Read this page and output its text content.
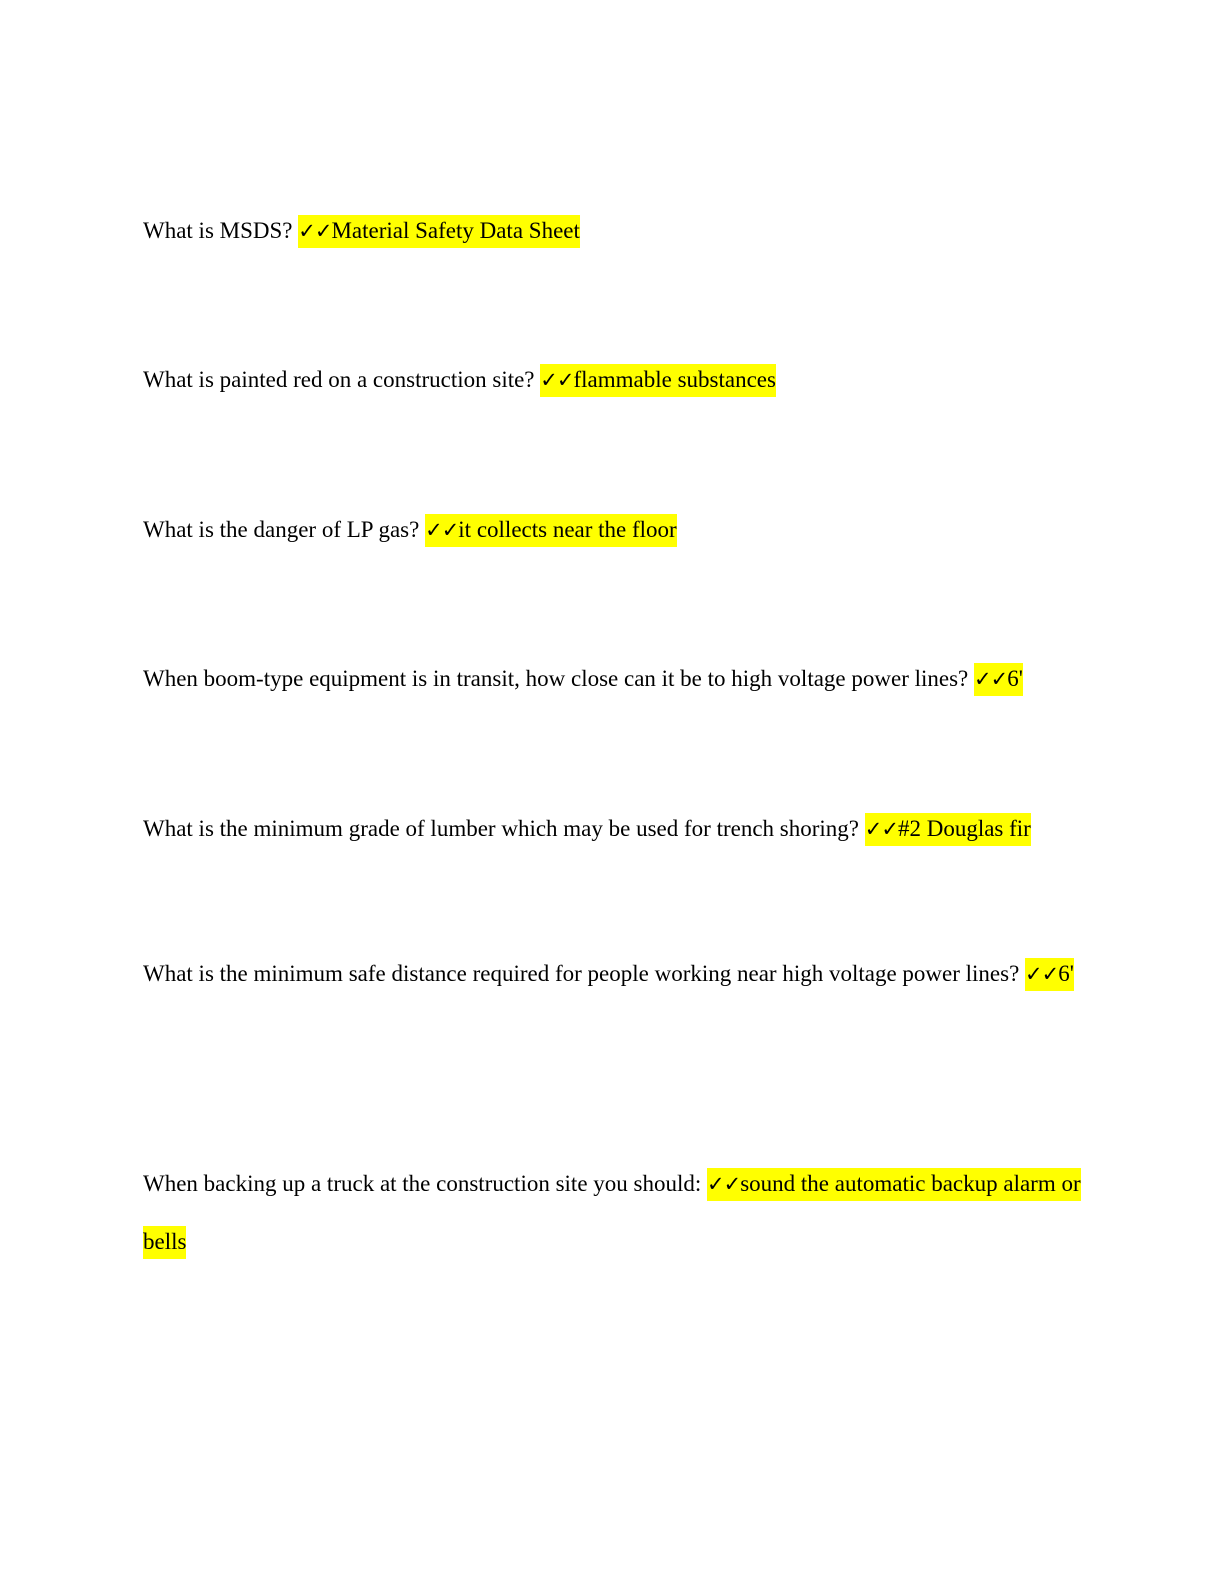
What is MSDS? ✓✓Material Safety Data Sheet
What is painted red on a construction site? ✓✓flammable substances
What is the danger of LP gas? ✓✓it collects near the floor
When boom-type equipment is in transit, how close can it be to high voltage power lines? ✓✓6'
What is the minimum grade of lumber which may be used for trench shoring? ✓✓#2 Douglas fir
What is the minimum safe distance required for people working near high voltage power lines? ✓✓6'
When backing up a truck at the construction site you should: ✓✓sound the automatic backup alarm or bells
